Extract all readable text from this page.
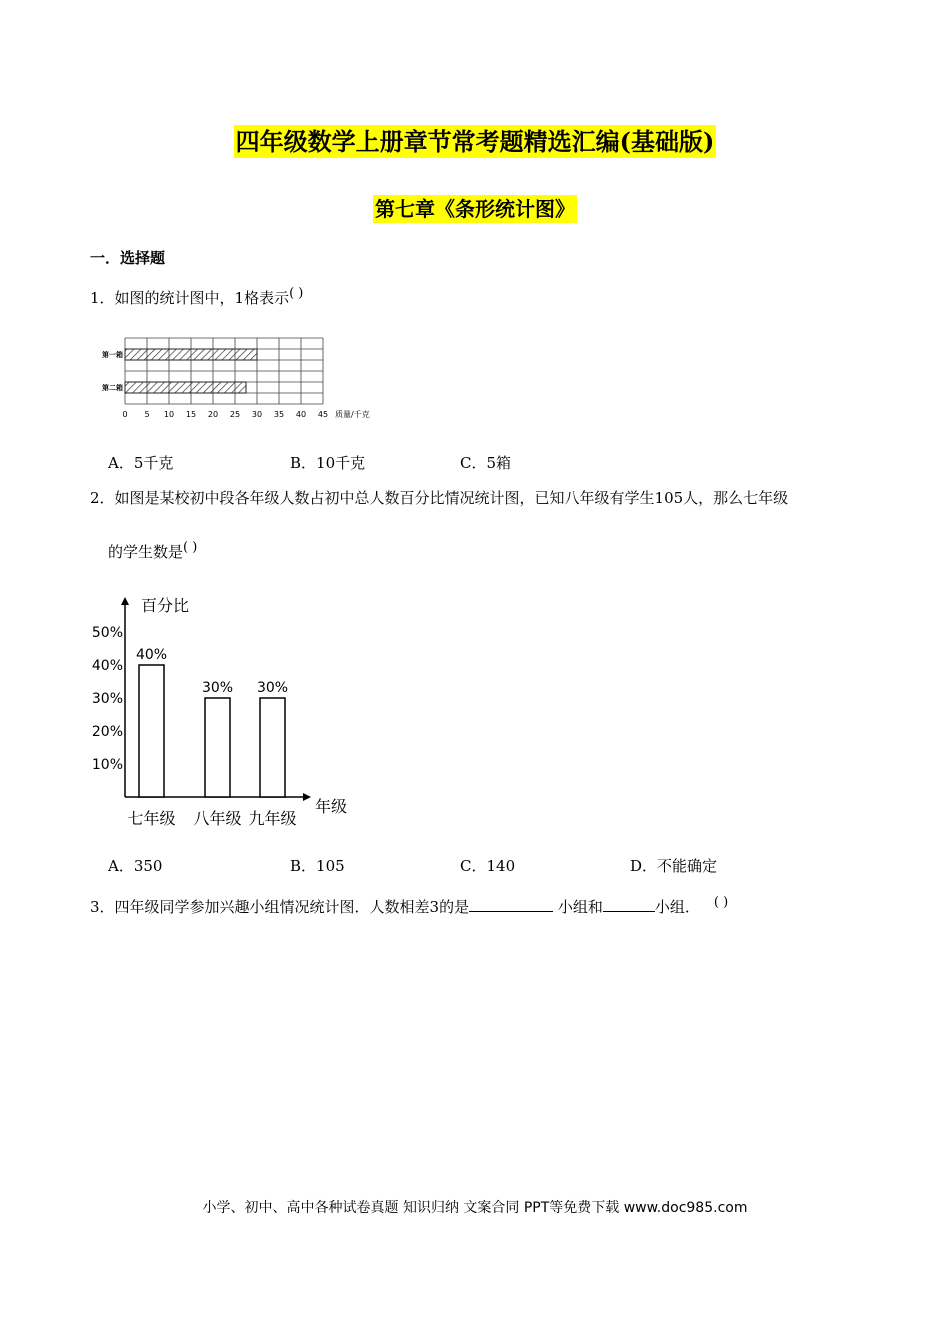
四年级数学上册章节常考题精选汇编(基础版)
第七章《条形统计图》
一．选择题
1．如图的统计图中，1格表示( )
第一箱
第二箱
0 5 10 15 20 25 30 35 40 45 质量/千克
A．5千克	B．10千克	C．5箱
2．如图是某校初中段各年级人数占初中总人数百分比情况统计图，已知八年级有学生105人，那么七年级
的学生数是( )
10%
20%
30%
40%
50%
40%
30% 30%
七年级 八年级 九年级
百分比
年级
A．350	B．105	C．140	D．不能确定
3．四年级同学参加兴趣小组情况统计图．人数相差3的是	小组和	小组． ( )
小学、初中、高中各种试卷真题 知识归纳 文案合同 PPT等免费下载 www.doc985.com
